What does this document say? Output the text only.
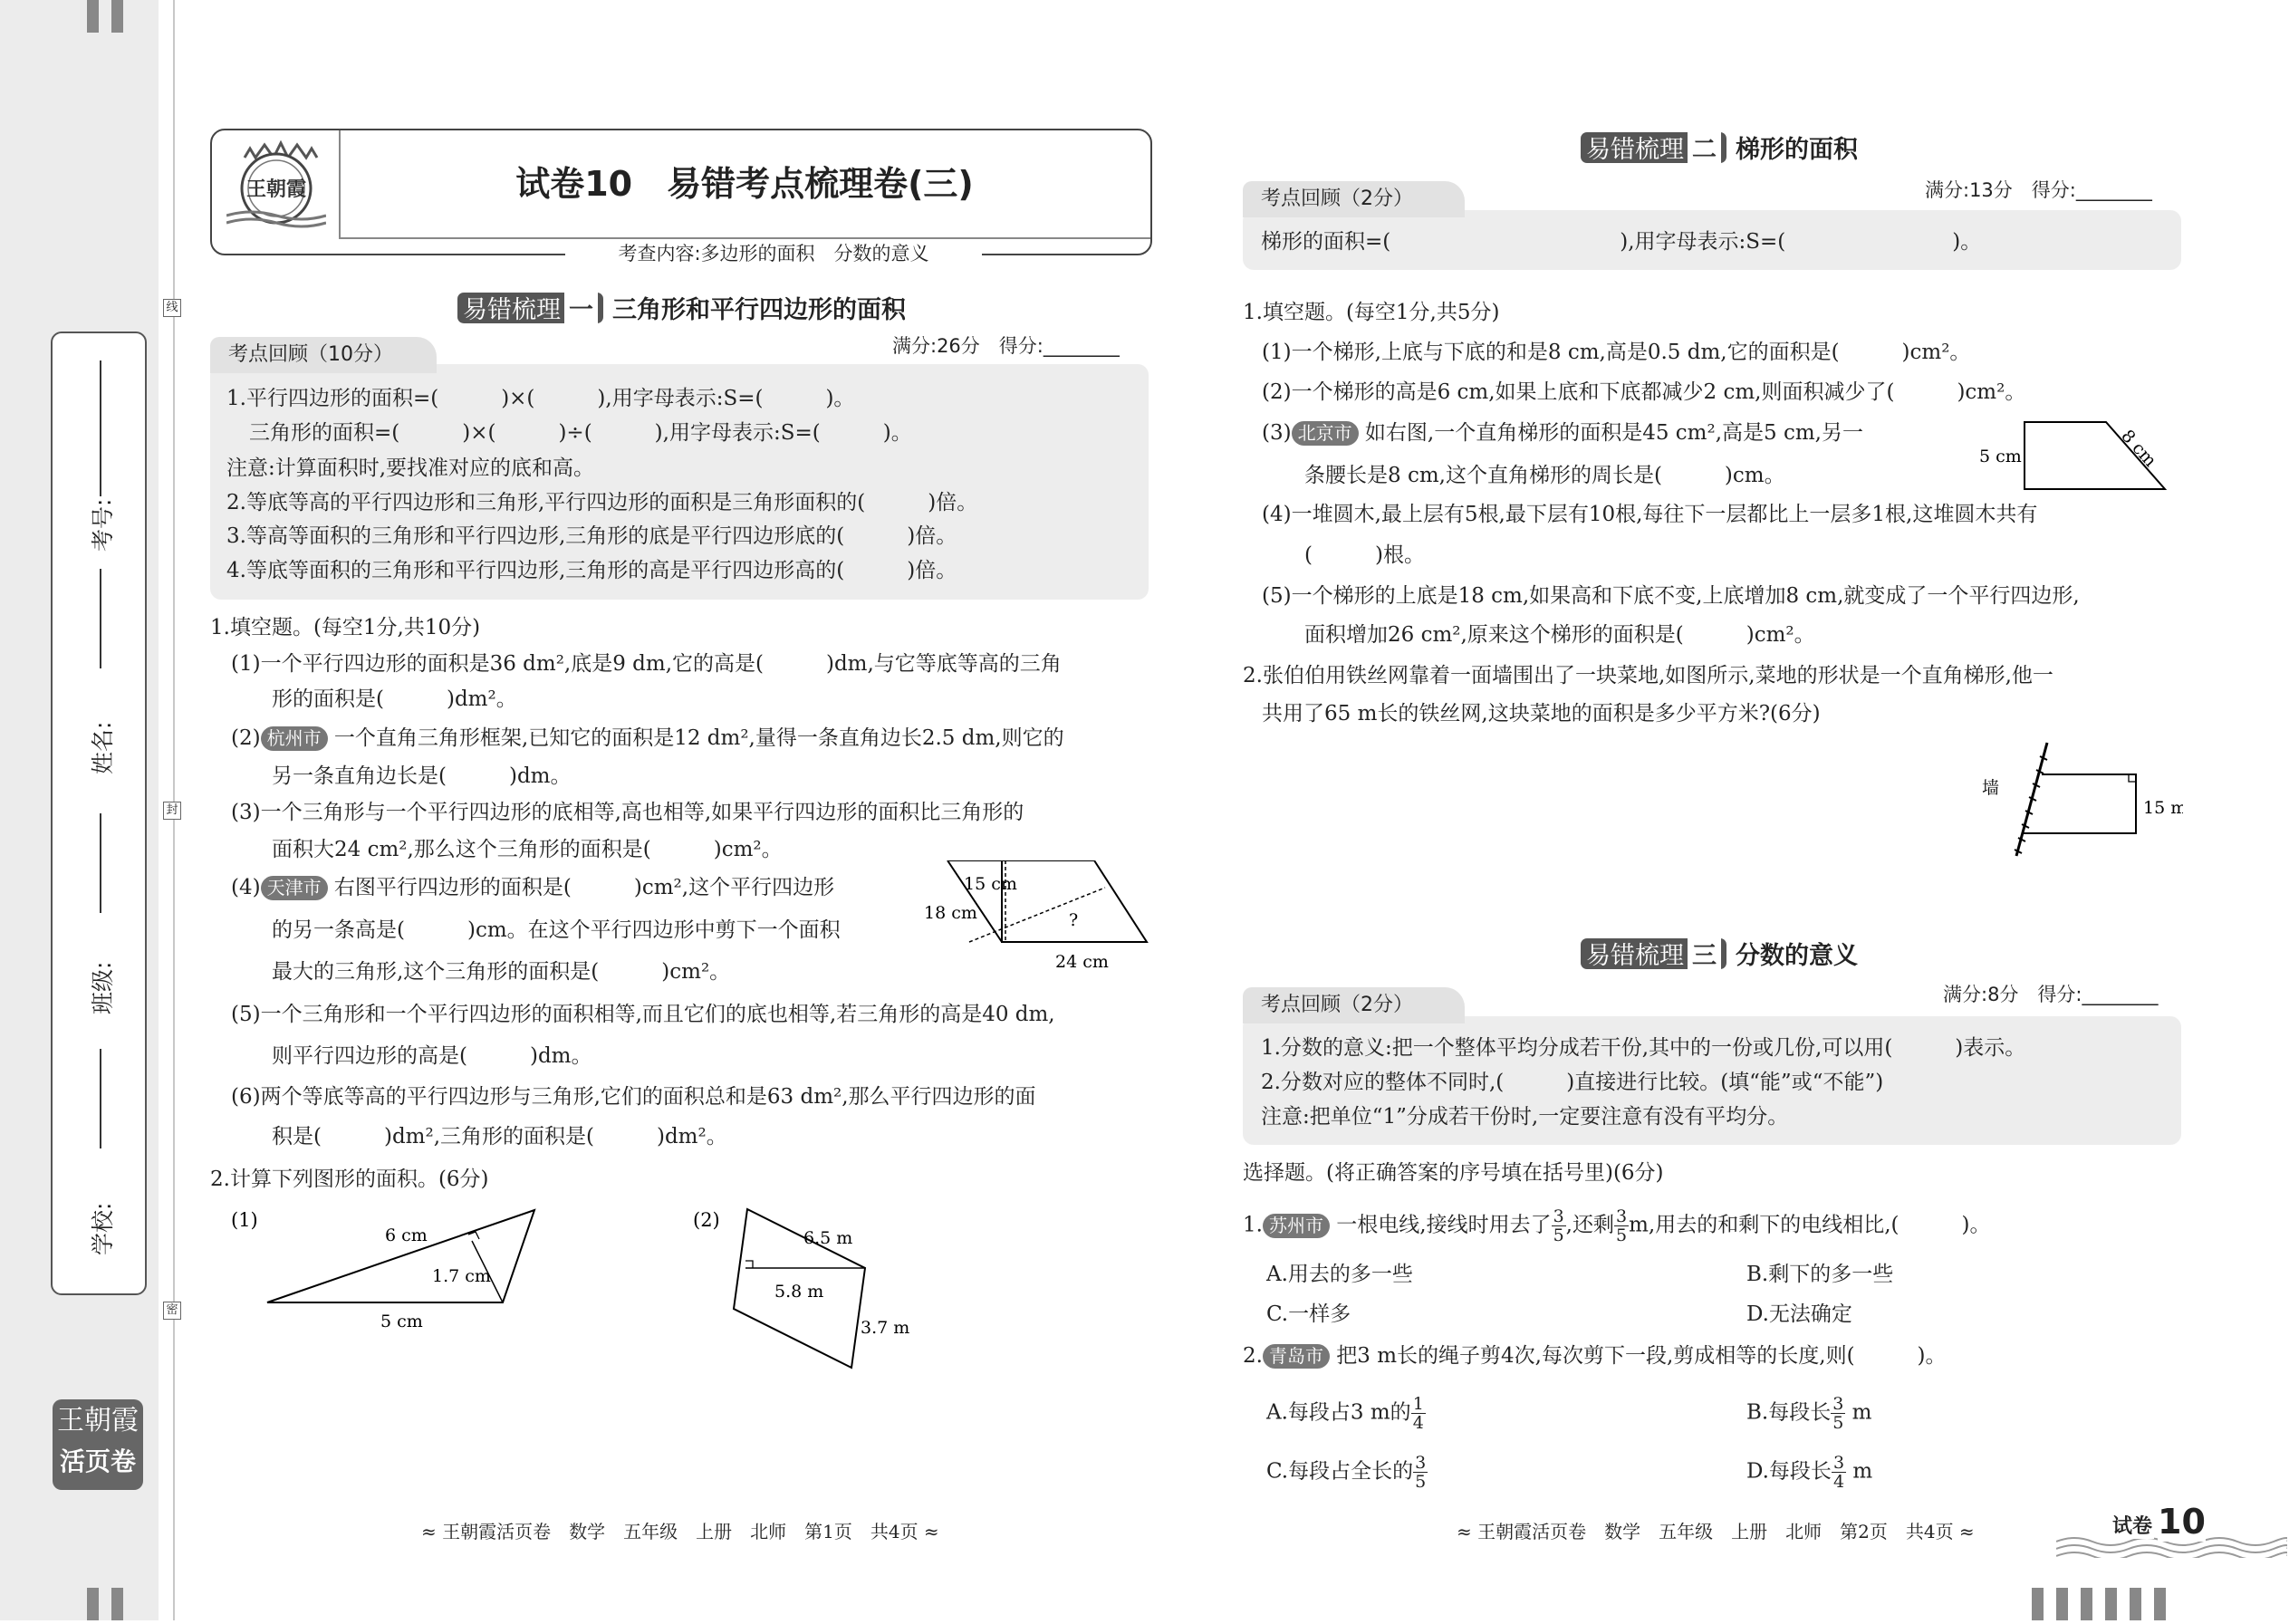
线
封
密
考号:
姓名:
班级:
学校:
王朝霞
活页卷
王朝霞	试卷10　易错考点梳理卷(三)
考查内容:多边形的面积　分数的意义
易错梳理 一 三角形和平行四边形的面积
考点回顾（10分）	满分:26分　得分:________
1.平行四边形的面积=(　　　)×(　　　),用字母表示:S=(　　　)。
三角形的面积=(　　　)×(　　　)÷(　　　),用字母表示:S=(　　　)。
注意:计算面积时,要找准对应的底和高。
2.等底等高的平行四边形和三角形,平行四边形的面积是三角形面积的(　　　)倍。
3.等高等面积的三角形和平行四边形,三角形的底是平行四边形底的(　　　)倍。
4.等底等面积的三角形和平行四边形,三角形的高是平行四边形高的(　　　)倍。
1.填空题。(每空1分,共10分)
(1)一个平行四边形的面积是36 dm²,底是9 dm,它的高是(　　　)dm,与它等底等高的三角
形的面积是(　　　)dm²。
(2) 杭州市 一个直角三角形框架,已知它的面积是12 dm²,量得一条直角边长2.5 dm,则它的
另一条直角边长是(　　　)dm。
(3)一个三角形与一个平行四边形的底相等,高也相等,如果平行四边形的面积比三角形的
面积大24 cm²,那么这个三角形的面积是(　　　)cm²。
(4) 天津市 右图平行四边形的面积是(　　　)cm²,这个平行四边形
的另一条高是(　　　)cm。在这个平行四边形中剪下一个面积
最大的三角形,这个三角形的面积是(　　　)cm²。
15 cm
18 cm	?
24 cm
(5)一个三角形和一个平行四边形的面积相等,而且它们的底也相等,若三角形的高是40 dm,
则平行四边形的高是(　　　)dm。
(6)两个等底等高的平行四边形与三角形,它们的面积总和是63 dm²,那么平行四边形的面
积是(　　　)dm²,三角形的面积是(　　　)dm²。
2.计算下列图形的面积。(6分)
(1)
6 cm
1.7 cm
5 cm
(2)
6.5 m
5.8 m
3.7 m
≈ 王朝霞活页卷　数学　五年级　上册　北师　第1页　共4页 ≈
易错梳理 二 梯形的面积
考点回顾（2分）	满分:13分　得分:________
梯形的面积=(　　　　　　　　　　　),用字母表示:S=(　　　　　　　　)。
1.填空题。(每空1分,共5分)
(1)一个梯形,上底与下底的和是8 cm,高是0.5 dm,它的面积是(　　　)cm²。
(2)一个梯形的高是6 cm,如果上底和下底都减少2 cm,则面积减少了(　　　)cm²。
(3) 北京市 如右图,一个直角梯形的面积是45 cm²,高是5 cm,另一
条腰长是8 cm,这个直角梯形的周长是(　　　)cm。
5 cm	8 cm
(4)一堆圆木,最上层有5根,最下层有10根,每往下一层都比上一层多1根,这堆圆木共有
(　　　)根。
(5)一个梯形的上底是18 cm,如果高和下底不变,上底增加8 cm,就变成了一个平行四边形,
面积增加26 cm²,原来这个梯形的面积是(　　　)cm²。
2.张伯伯用铁丝网靠着一面墙围出了一块菜地,如图所示,菜地的形状是一个直角梯形,他一
共用了65 m长的铁丝网,这块菜地的面积是多少平方米?(6分)
墙
15 m
易错梳理 三 分数的意义
考点回顾（2分）	满分:8分　得分:________
1.分数的意义:把一个整体平均分成若干份,其中的一份或几份,可以用(　　　)表示。
2.分数对应的整体不同时,(　　　)直接进行比较。(填“能”或“不能”)
注意:把单位“1”分成若干份时,一定要注意有没有平均分。
选择题。(将正确答案的序号填在括号里)(6分)
1. 苏州市 一根电线,接线时用去了 $\frac{3}{5}$ ,还剩 $\frac{3}{5} m$,用去的和剩下的电线相比,(　　　)。
A.用去的多一些	B.剩下的多一些
C.一样多	D.无法确定
2. 青岛市 把3 m长的绳子剪4次,每次剪下一段,剪成相等的长度,则(　　　)。
A.每段占3 m的 $\frac{1}{4}$	B.每段长 $\frac{3}{5}$ m
C.每段占全长的 $\frac{3}{5}$	D.每段长 $\frac{3}{4}$ m
≈ 王朝霞活页卷　数学　五年级　上册　北师　第2页　共4页 ≈	试卷 10
